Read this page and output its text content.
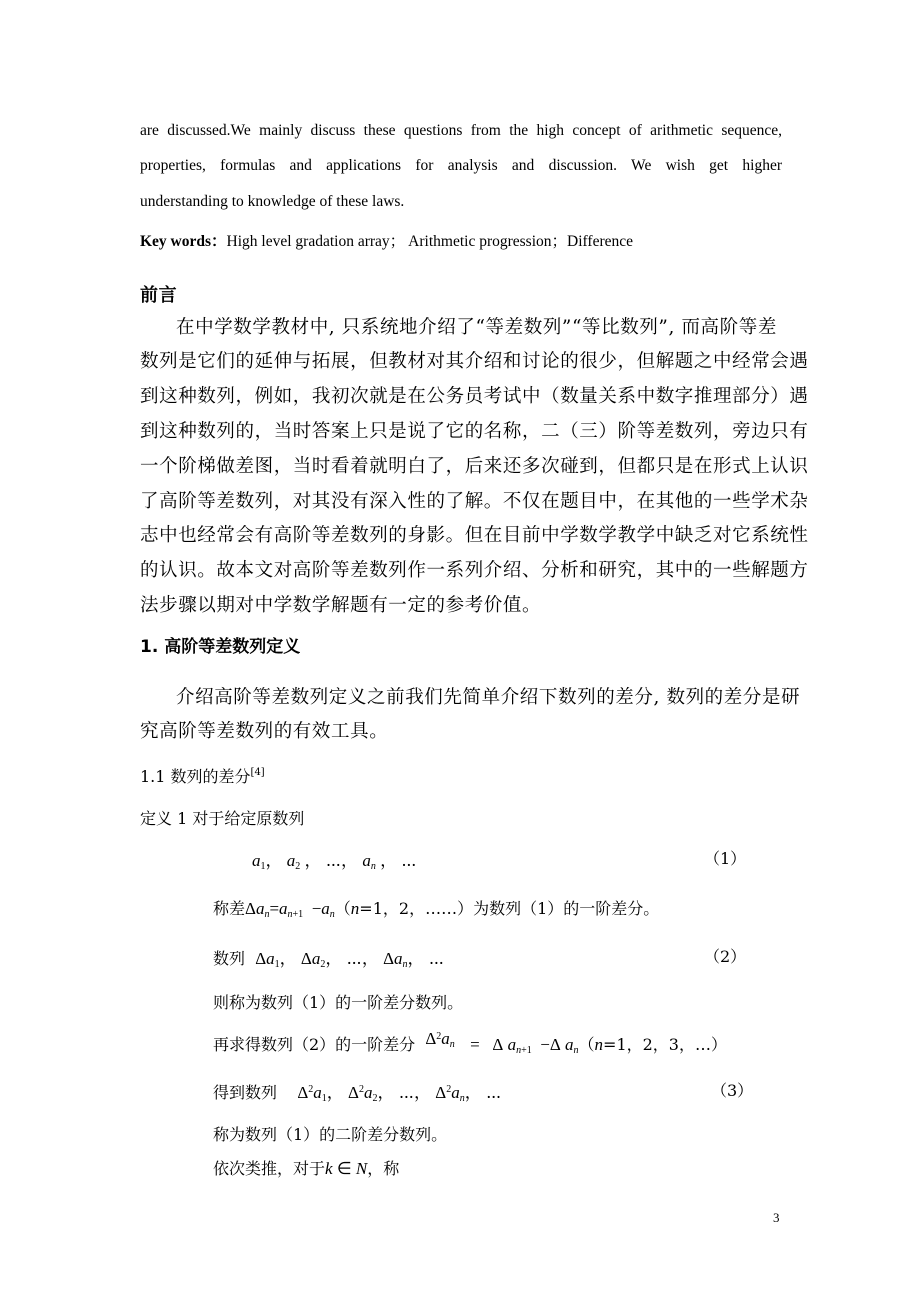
are discussed.We mainly discuss these questions from the high concept of arithmetic sequence,
properties, formulas and applications for analysis and discussion. We wish get higher
understanding to knowledge of these laws.
Key words：High level gradation array； Arithmetic progression；Difference
前言
在中学数学教材中, 只系统地介绍了“等差数列”“等比数列”, 而高阶等差
数列是它们的延伸与拓展，但教材对其介绍和讨论的很少，但解题之中经常会遇
到这种数列，例如，我初次就是在公务员考试中（数量关系中数字推理部分）遇
到这种数列的，当时答案上只是说了它的名称，二（三）阶等差数列，旁边只有
一个阶梯做差图，当时看着就明白了，后来还多次碰到，但都只是在形式上认识
了高阶等差数列，对其没有深入性的了解。不仅在题目中，在其他的一些学术杂
志中也经常会有高阶等差数列的身影。但在目前中学数学教学中缺乏对它系统性
的认识。故本文对高阶等差数列作一系列介绍、分析和研究，其中的一些解题方
法步骤以期对中学数学解题有一定的参考价值。
1. 高阶等差数列定义
介绍高阶等差数列定义之前我们先简单介绍下数列的差分, 数列的差分是研
究高阶等差数列的有效工具。
1.1 数列的差分[4]
定义 1 对于给定原数列
$a_1$， $a_2$ ， ⋯， $a_n$ ， ⋯	（1）
称差$\Delta a_n=a_{n+1} -a_n(n=1$，2，……）为数列（1）的一阶差分。
数列 $\Delta a_1$， $\Delta a_2$， ⋯， $\Delta a_n$， ⋯	（2）
则称为数列（1）的一阶差分数列。
再求得数列（2）的一阶差分 $\Delta^2a_n = \Delta$ $a_{n+1} -\Delta$ $a_n(n=1$，2，3，…）
得到数列 $\Delta^2a_1$， $\Delta^2a_2$， ⋯， $\Delta^2a_n$， ⋯	（3）
称为数列（1）的二阶差分数列。
依次类推，对于k ∈ N，称
3
